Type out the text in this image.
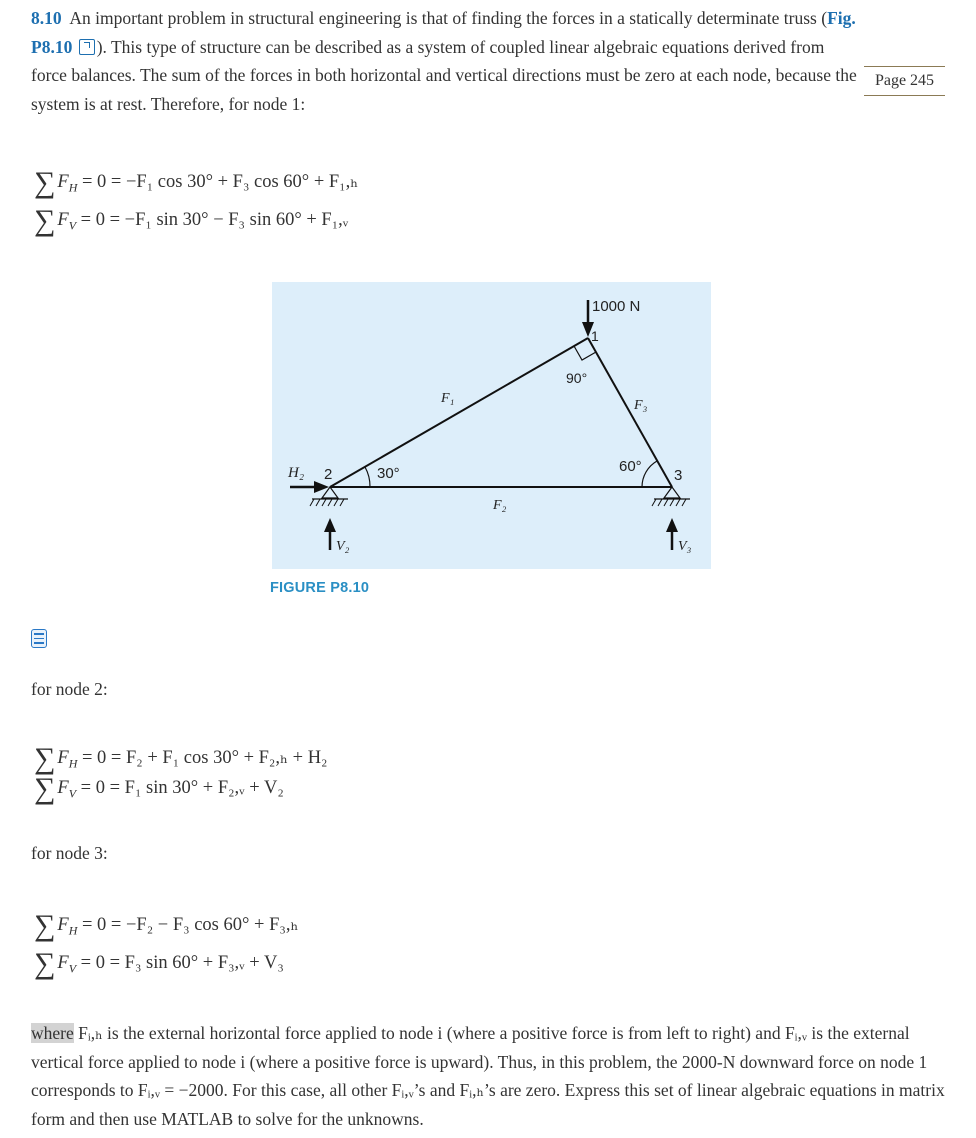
8.10 An important problem in structural engineering is that of finding the forces in a statically determinate truss (Fig. P8.10 ). This type of structure can be described as a system of coupled linear algebraic equations derived from force balances. The sum of the forces in both horizontal and vertical directions must be zero at each node, because the system is at rest. Therefore, for node 1:
Page 245
∑ $F_H = 0 = -F_1$ cos 30° + F₃ cos 60° + F₁,ₕ
∑ $F_V = 0 = -F_1$ sin 30° − F₃ sin 60° + F₁,ᵥ
1000 N
1
90°
F₁	F₃
F₂
H₂ 2	30°	60°
3
V₂	V₃
FIGURE P8.10
for node 2:
∑ $F_H = 0 = F_2 + F_1$ cos 30° + F₂,ₕ + H₂
∑ $F_V = 0 = F_1$ sin 30° + F₂,ᵥ + V₂
for node 3:
∑ $F_H = 0 = -F_2 - F_3$ cos 60° + F₃,ₕ
∑ $F_V = 0 = F_3$ sin 60° + F₃,ᵥ + V₃
where Fᵢ,ₕ is the external horizontal force applied to node i (where a positive force is from left to right) and Fᵢ,ᵥ is the external vertical force applied to node i (where a positive force is upward). Thus, in this problem, the 2000-N downward force on node 1 corresponds to Fᵢ,ᵥ = −2000. For this case, all other Fᵢ,ᵥ’s and Fᵢ,ₕ’s are zero. Express this set of linear algebraic equations in matrix form and then use MATLAB to solve for the unknowns.
